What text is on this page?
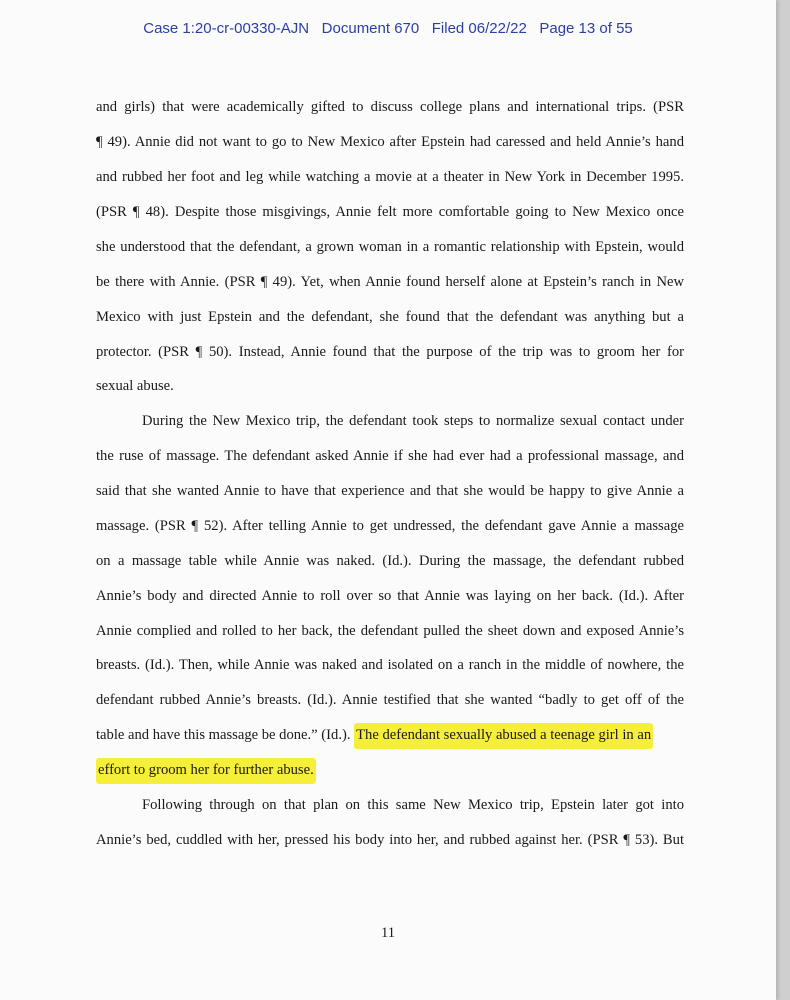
Case 1:20-cr-00330-AJN Document 670 Filed 06/22/22 Page 13 of 55
and girls) that were academically gifted to discuss college plans and international trips. (PSR
¶ 49). Annie did not want to go to New Mexico after Epstein had caressed and held Annie’s hand
and rubbed her foot and leg while watching a movie at a theater in New York in December 1995.
(PSR ¶ 48). Despite those misgivings, Annie felt more comfortable going to New Mexico once
she understood that the defendant, a grown woman in a romantic relationship with Epstein, would
be there with Annie. (PSR ¶ 49). Yet, when Annie found herself alone at Epstein’s ranch in New
Mexico with just Epstein and the defendant, she found that the defendant was anything but a
protector. (PSR ¶ 50). Instead, Annie found that the purpose of the trip was to groom her for
sexual abuse.
During the New Mexico trip, the defendant took steps to normalize sexual contact under
the ruse of massage. The defendant asked Annie if she had ever had a professional massage, and
said that she wanted Annie to have that experience and that she would be happy to give Annie a
massage. (PSR ¶ 52). After telling Annie to get undressed, the defendant gave Annie a massage
on a massage table while Annie was naked. (Id.). During the massage, the defendant rubbed
Annie’s body and directed Annie to roll over so that Annie was laying on her back. (Id.). After
Annie complied and rolled to her back, the defendant pulled the sheet down and exposed Annie’s
breasts. (Id.). Then, while Annie was naked and isolated on a ranch in the middle of nowhere, the
defendant rubbed Annie’s breasts. (Id.). Annie testified that she wanted “badly to get off of the
table and have this massage be done.” (Id.). The defendant sexually abused a teenage girl in an
effort to groom her for further abuse.
Following through on that plan on this same New Mexico trip, Epstein later got into
Annie’s bed, cuddled with her, pressed his body into her, and rubbed against her. (PSR ¶ 53). But
11
